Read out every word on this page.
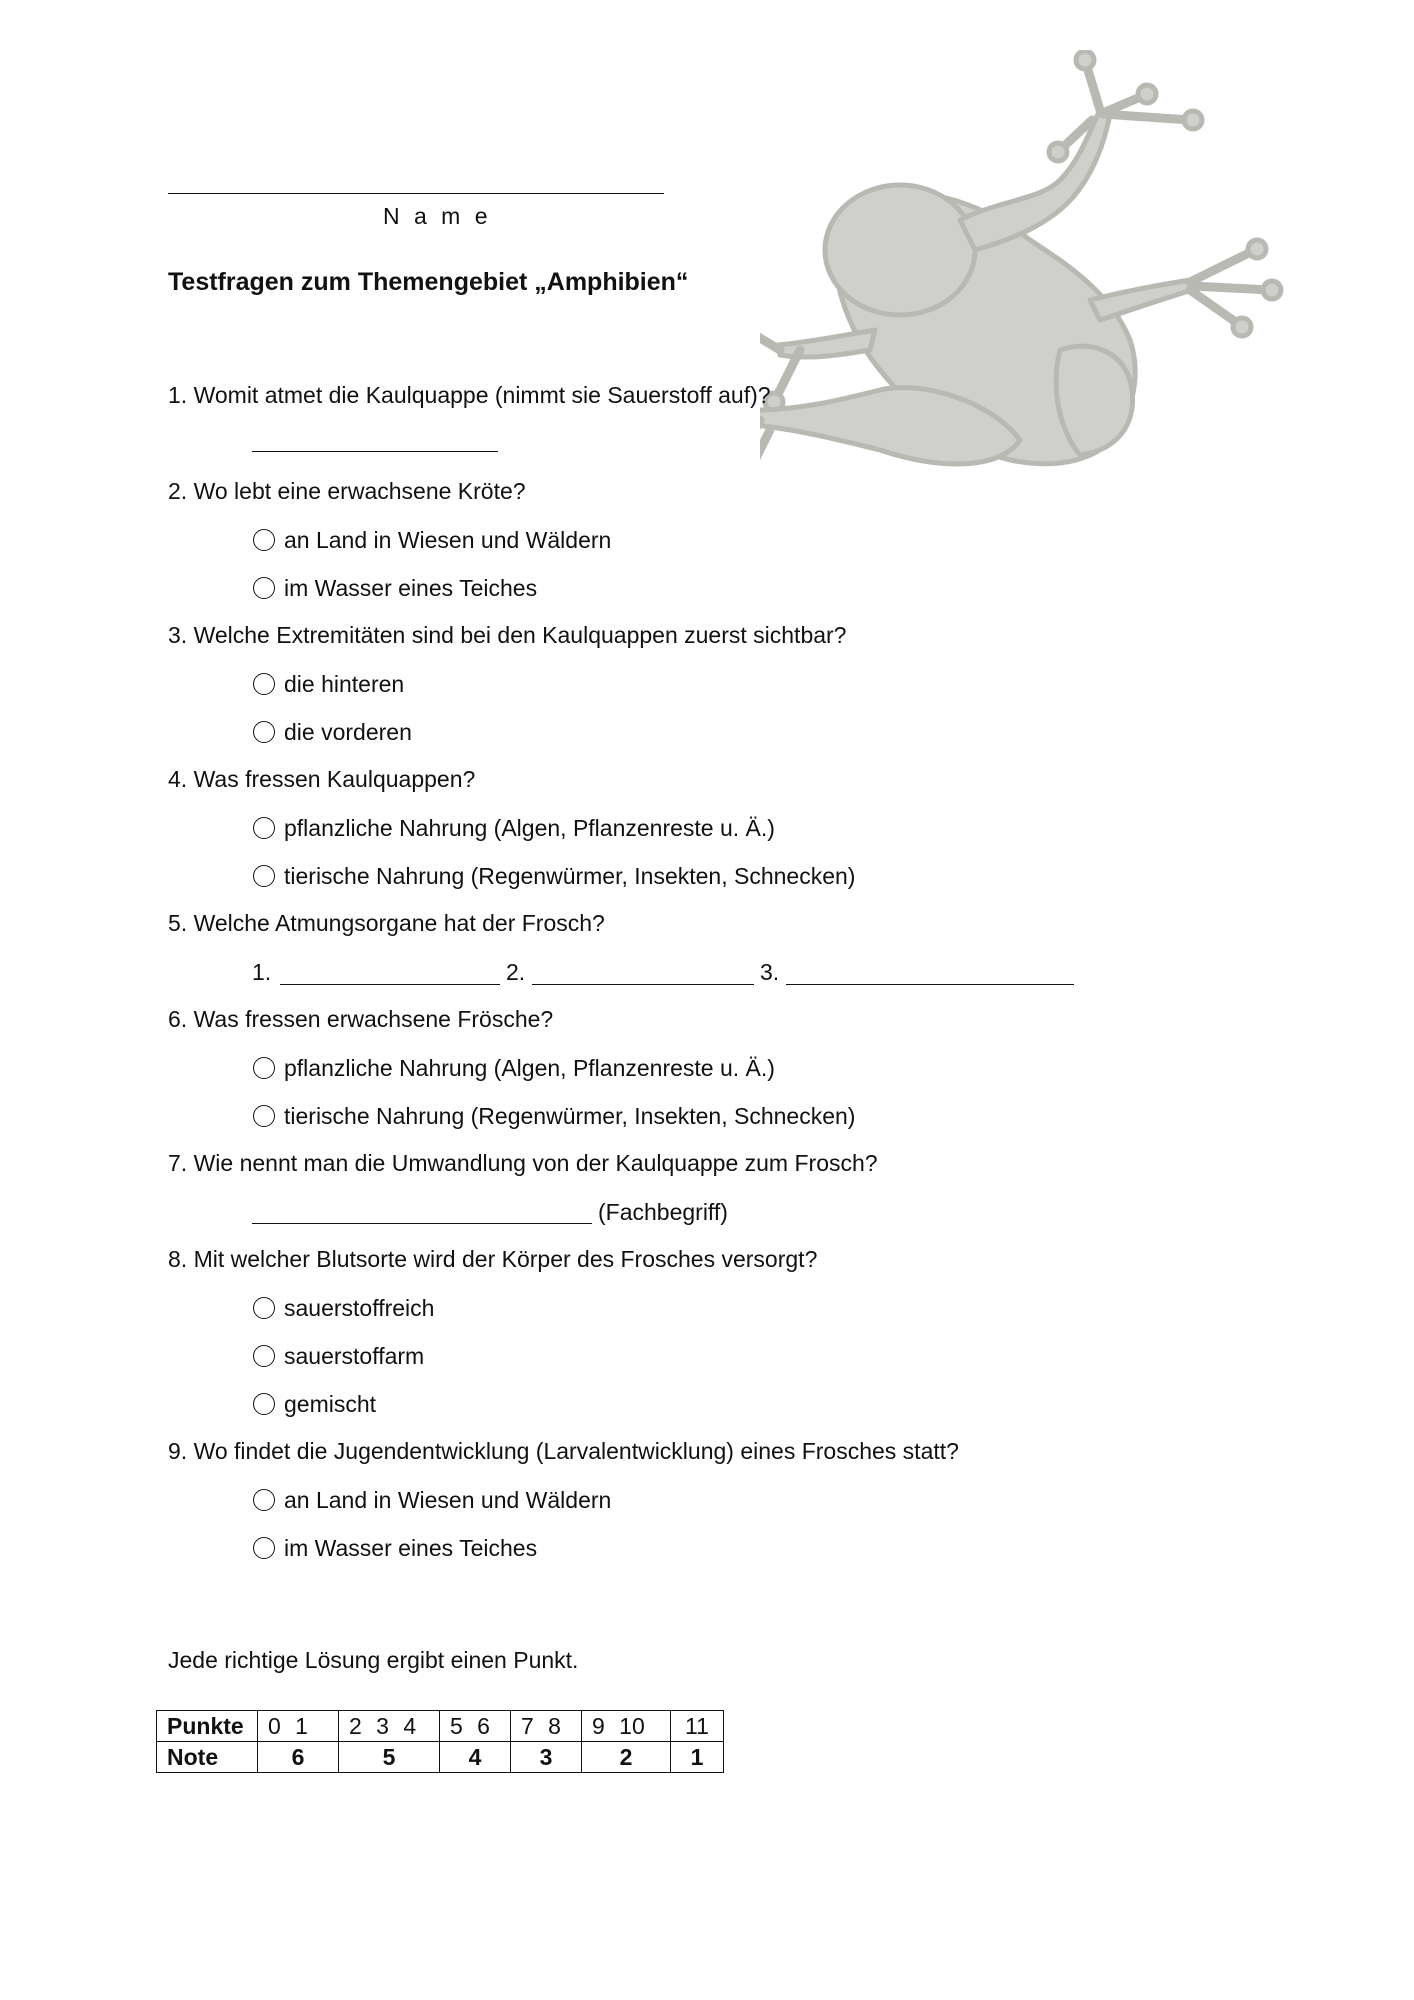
N a m e
Testfragen zum Themengebiet „Amphibien“
1. Womit atmet die Kaulquappe (nimmt sie Sauerstoff auf)?
2. Wo lebt eine erwachsene Kröte?
an Land in Wiesen und Wäldern
im Wasser eines Teiches
3. Welche Extremitäten sind bei den Kaulquappen zuerst sichtbar?
die hinteren
die vorderen
4. Was fressen Kaulquappen?
pflanzliche Nahrung (Algen, Pflanzenreste u. Ä.)
tierische Nahrung (Regenwürmer, Insekten, Schnecken)
5. Welche Atmungsorgane hat der Frosch?
1.	2.	3.
6. Was fressen erwachsene Frösche?
pflanzliche Nahrung (Algen, Pflanzenreste u. Ä.)
tierische Nahrung (Regenwürmer, Insekten, Schnecken)
7. Wie nennt man die Umwandlung von der Kaulquappe zum Frosch?
(Fachbegriff)
8. Mit welcher Blutsorte wird der Körper des Frosches versorgt?
sauerstoffreich
sauerstoffarm
gemischt
9. Wo findet die Jugendentwicklung (Larvalentwicklung) eines Frosches statt?
an Land in Wiesen und Wäldern
im Wasser eines Teiches
Jede richtige Lösung ergibt einen Punkt.
Punkte	0 1	2 3 4	5 6	7 8	9 10	11
Note	6	5	4	3	2	1
